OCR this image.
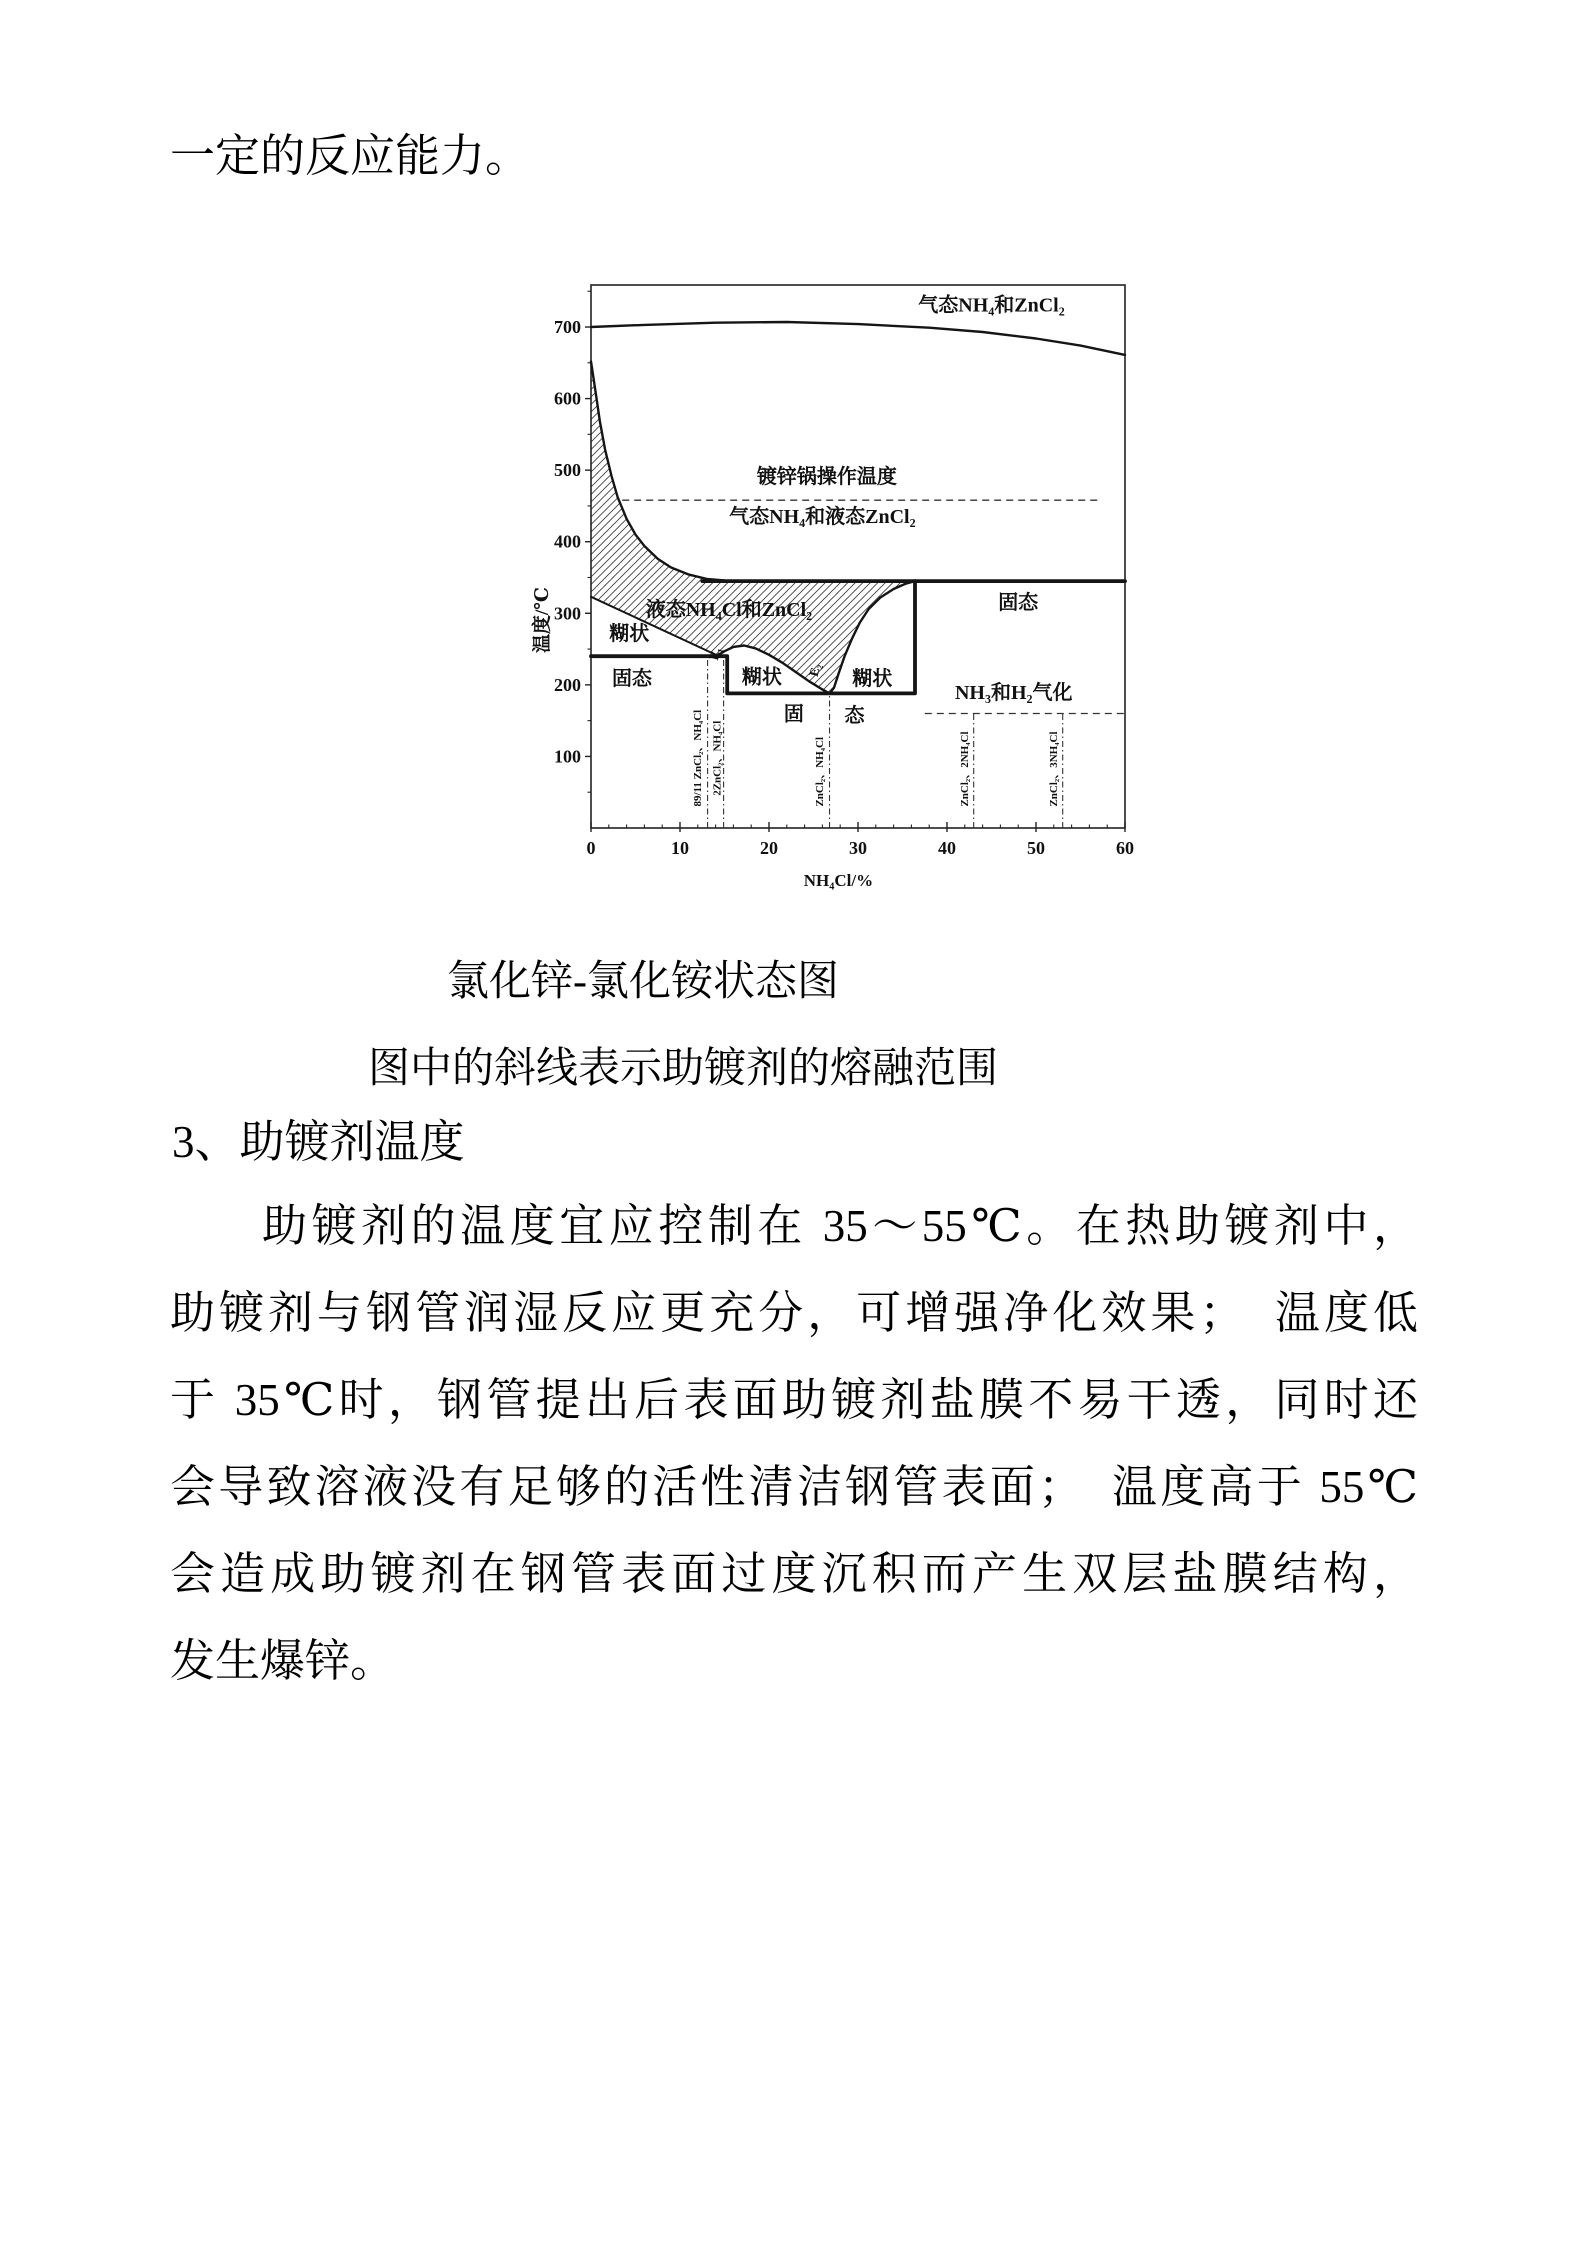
一定的反应能力。
100
200
300
400
500
600
700
0	10	20	30	40	50	60
气态NH₄和ZnCl₂
镀锌锅操作温度
气态NH₄和液态ZnCl₂
液态NH₄Cl和ZnCl₂
糊状
固态	糊状	糊状
固 态
NH₃和H₂气化
固态
E₁
E₂
89/11 ZnCl₂、NH₄Cl 2ZnCl₂、NH₄Cl	ZnCl₂、NH₄Cl	ZnCl₂、2NH₄Cl	ZnCl₂、3NH₄Cl
温度/℃
NH₄Cl/%
氯化锌-氯化铵状态图
图中的斜线表示助镀剂的熔融范围
3、助镀剂温度
助镀剂的温度宜应控制在 35～55℃。在热助镀剂中，
助镀剂与钢管润湿反应更充分，可增强净化效果；　温度低
于 35℃时，钢管提出后表面助镀剂盐膜不易干透，同时还
会导致溶液没有足够的活性清洁钢管表面；　温度高于 55℃
会造成助镀剂在钢管表面过度沉积而产生双层盐膜结构，
发生爆锌。
